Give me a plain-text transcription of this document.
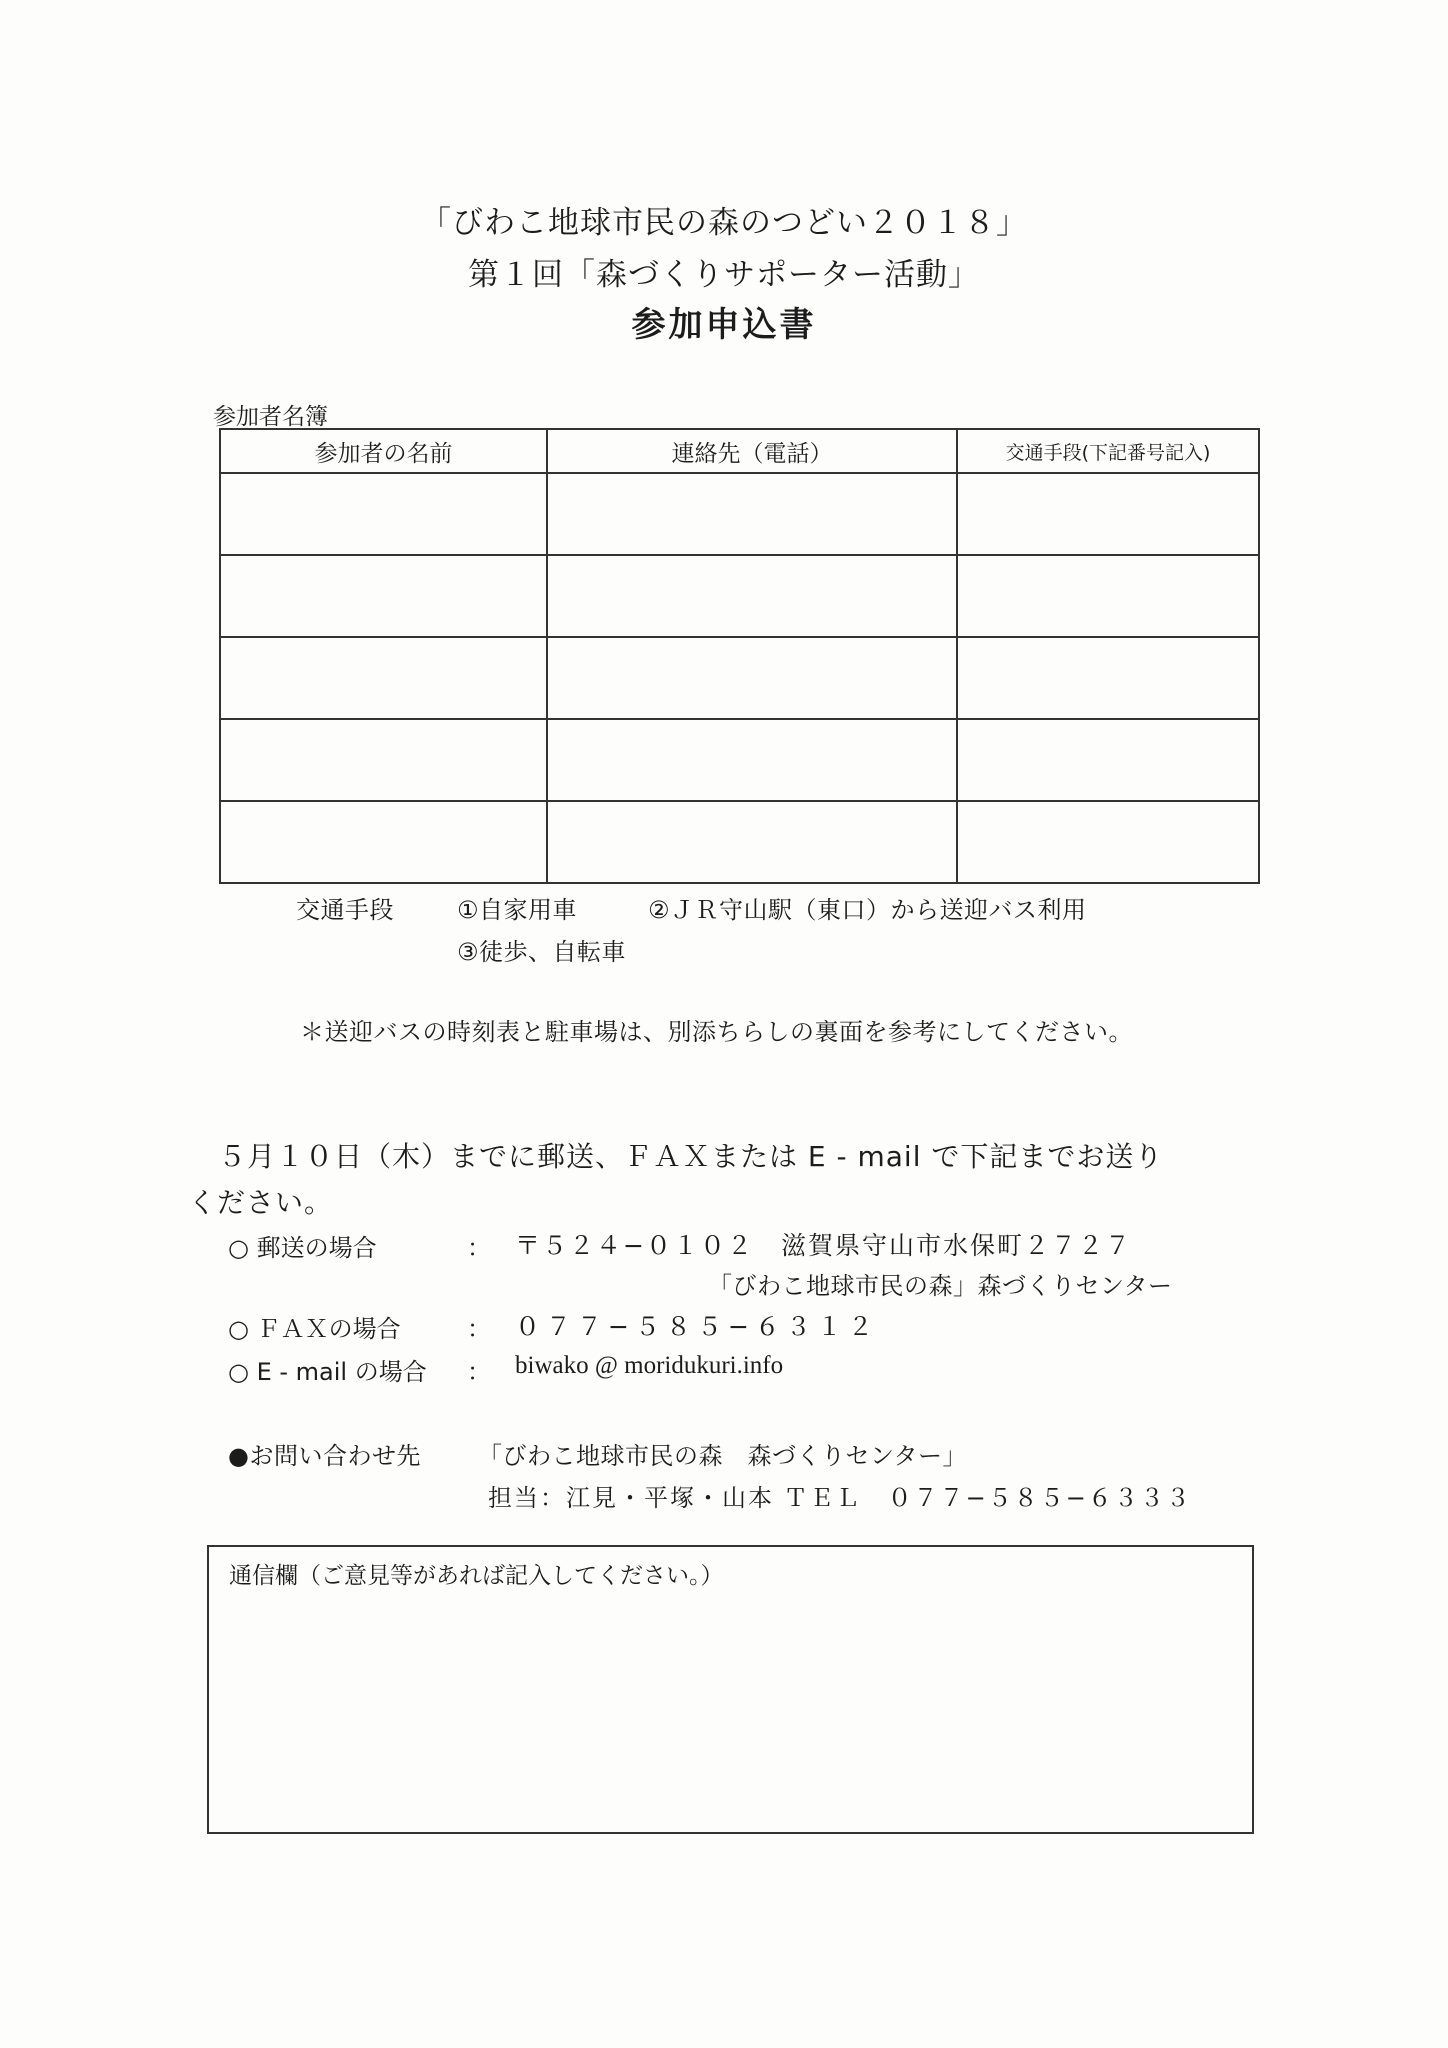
「びわこ地球市民の森のつどい２０１８」
第１回「森づくりサポーター活動」
参加申込書
参加者名簿
参加者の名前	連絡先（電話）	交通手段(下記番号記入)

交通手段	①自家用車	②ＪＲ守山駅（東口）から送迎バス利用
③徒歩、自転車
＊送迎バスの時刻表と駐車場は、別添ちらしの裏面を参考にしてください。
５月１０日（木）までに郵送、ＦＡＸまたは E - mail で下記までお送り
ください。
○ 郵送の場合	： 〒５２４−０１０２　滋賀県守山市水保町２７２７
「びわこ地球市民の森」森づくりセンター
○ ＦＡＸの場合	： ０７７−５８５−６３１２
○ E - mail の場合 ： biwako @ moridukuri.info
●お問い合わせ先 「びわこ地球市民の森　森づくりセンター」
担当：江見・平塚・山本 ＴＥＬ　０７７−５８５−６３３３
通信欄（ご意見等があれば記入してください。）
